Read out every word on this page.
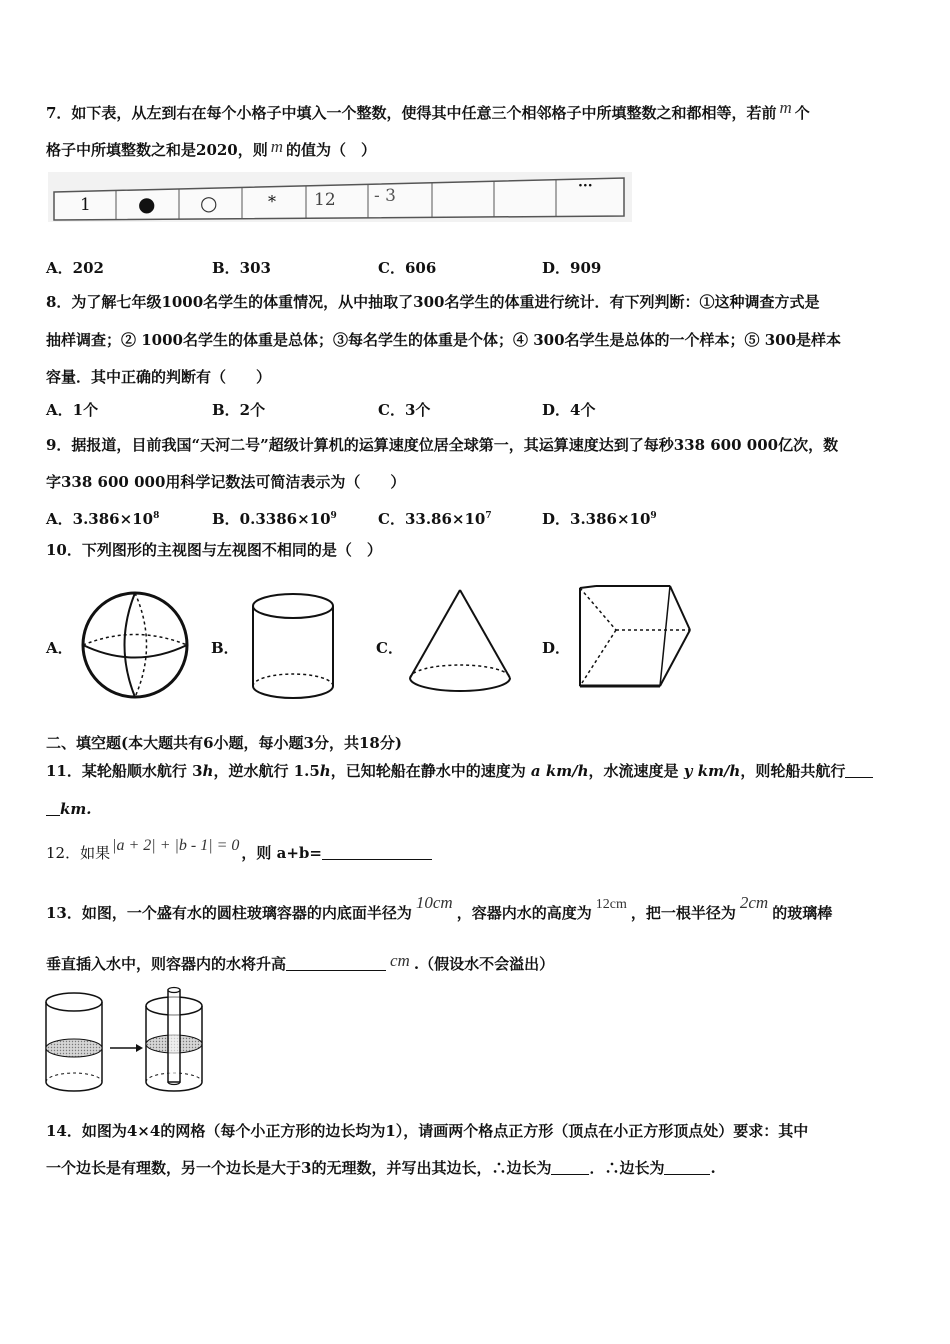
7．如下表，从左到右在每个小格子中填入一个整数，使得其中任意三个相邻格子中所填整数之和都相等，若前 m 个
格子中所填整数之和是2020，则 m 的值为（　）
1 ● ○	* 12 - 3	···
A．202	B．303	C．606	D．909
8．为了解七年级1000名学生的体重情况，从中抽取了300名学生的体重进行统计．有下列判断：①这种调查方式是
抽样调查；② 1000名学生的体重是总体；③每名学生的体重是个体；④ 300名学生是总体的一个样本；⑤ 300是样本
容量．其中正确的判断有（　　）
A．1个	B．2个	C．3个	D．4个
9．据报道，目前我国“天河二号”超级计算机的运算速度位居全球第一，其运算速度达到了每秒338 600 000亿次，数
字338 600 000用科学记数法可简洁表示为（　　）
A．$3.386\times 10^8$	B．$0.3386\times 10^9$	C．$33.86\times 10^7$	D．$3.386\times 10^9$
10．下列图形的主视图与左视图不相同的是（　）
A．	B．	C．	D．
二、填空题(本大题共有6小题，每小题3分，共18分)
11．某轮船顺水航行 3h，逆水航行 1.5h，已知轮船在静水中的速度为 a km/h，水流速度是 y km/h，则轮船共航行
km.
12．如果 |a + 2| + |b - 1| = 0 ，则 a+b=
13．如图，一个盛有水的圆柱玻璃容器的内底面半径为10cm，容器内水的高度为 12cm ，把一根半径为2cm的玻璃棒
垂直插入水中，则容器内的水将升高	cm .（假设水不会溢出）
14．如图为4×4的网格（每个小正方形的边长均为1），请画两个格点正方形（顶点在小正方形顶点处）要求：其中
一个边长是有理数，另一个边长是大于3的无理数，并写出其边长，∴边长为	．∴边长为	.
